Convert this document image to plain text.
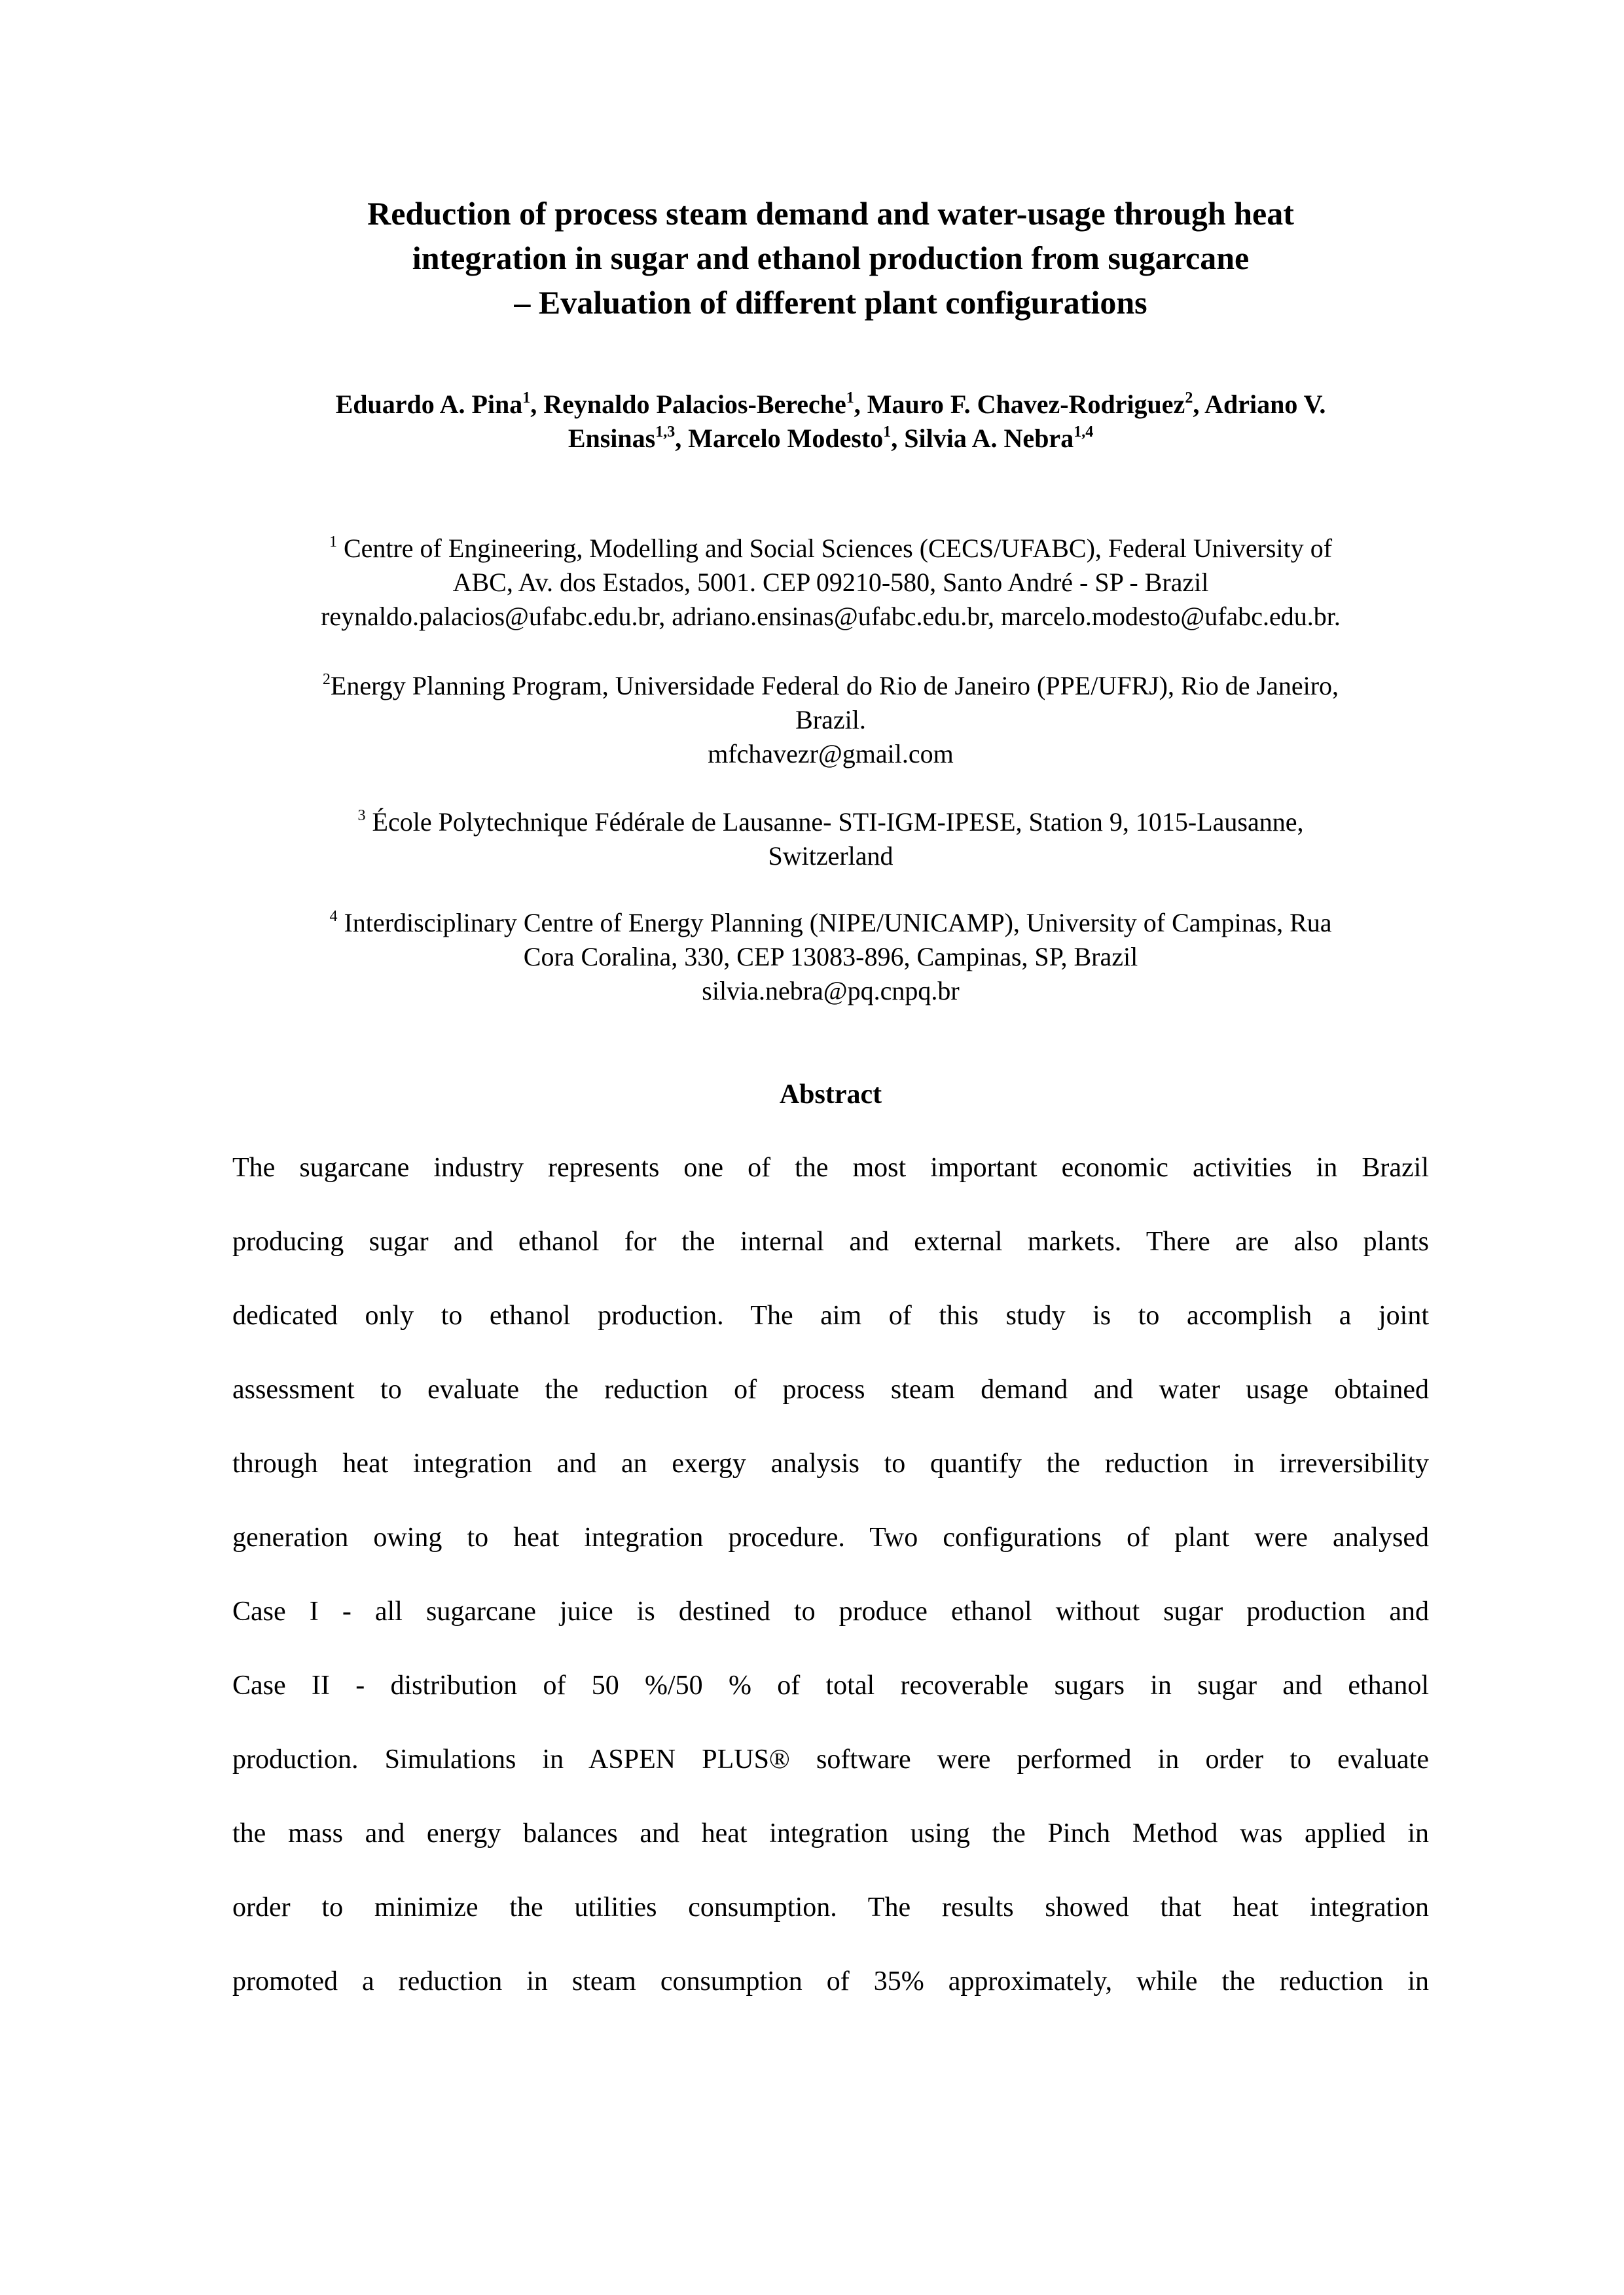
Reduction of process steam demand and water-usage through heat
integration in sugar and ethanol production from sugarcane
– Evaluation of different plant configurations
Eduardo A. Pina$^1$, Reynaldo Palacios-Bereche$^1$, Mauro F. Chavez-Rodriguez$^2$, Adriano V.
Ensinas$^{1,3}$, Marcelo Modesto$^1$, Silvia A. Nebra$^{1,4}$
$^1$ Centre of Engineering, Modelling and Social Sciences (CECS/UFABC), Federal University of
ABC, Av. dos Estados, 5001. CEP 09210-580, Santo André - SP - Brazil
reynaldo.palacios@ufabc.edu.br, adriano.ensinas@ufabc.edu.br, marcelo.modesto@ufabc.edu.br.
$^2$Energy Planning Program, Universidade Federal do Rio de Janeiro (PPE/UFRJ), Rio de Janeiro,
Brazil.
mfchavezr@gmail.com
$^3$ École Polytechnique Fédérale de Lausanne- STI-IGM-IPESE, Station 9, 1015-Lausanne,
Switzerland
$^4$ Interdisciplinary Centre of Energy Planning (NIPE/UNICAMP), University of Campinas, Rua
Cora Coralina, 330, CEP 13083-896, Campinas, SP, Brazil
silvia.nebra@pq.cnpq.br
Abstract
The sugarcane industry represents one of the most important economic activities in Brazil
producing sugar and ethanol for the internal and external markets. There are also plants
dedicated only to ethanol production. The aim of this study is to accomplish a joint
assessment to evaluate the reduction of process steam demand and water usage obtained
through heat integration and an exergy analysis to quantify the reduction in irreversibility
generation owing to heat integration procedure. Two configurations of plant were analysed
Case I - all sugarcane juice is destined to produce ethanol without sugar production and
Case II - distribution of 50 %/50 % of total recoverable sugars in sugar and ethanol
production. Simulations in ASPEN PLUS® software were performed in order to evaluate
the mass and energy balances and heat integration using the Pinch Method was applied in
order to minimize the utilities consumption. The results showed that heat integration
promoted a reduction in steam consumption of 35% approximately, while the reduction in
